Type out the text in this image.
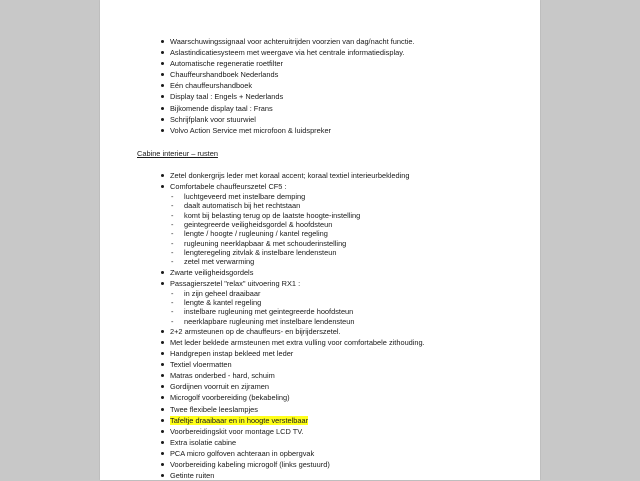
Waarschuwingssignaal voor achteruitrijden voorzien van dag/nacht functie.
Aslastindicatiesysteem met weergave via het centrale informatiedisplay.
Automatische regeneratie roetfilter
Chauffeurshandboek Nederlands
Eén chauffeurshandboek
Display taal : Engels + Nederlands
Bijkomende display taal : Frans
Schrijfplank voor stuurwiel
Volvo Action Service met microfoon & luidspreker
Cabine interieur – rusten
Zetel donkergrijs leder met koraal accent; koraal textiel interieurbekleding
Comfortabele chauffeurszetel CF5 :
- luchtgeveerd met instelbare demping
- daalt automatisch bij het rechtstaan
- komt bij belasting terug op de laatste hoogte-instelling
- geintegreerde veiligheidsgordel & hoofdsteun
- lengte / hoogte / rugleuning / kantel regeling
- rugleuning neerklapbaar & met schouderinstelling
- lengteregeling zitvlak & instelbare lendensteun
- zetel met verwarming
Zwarte veiligheidsgordels
Passagierszetel "relax" uitvoering RX1 :
- in zijn geheel draaibaar
- lengte & kantel regeling
- instelbare rugleuning met geintegreerde hoofdsteun
- neerklapbare rugleuning met instelbare lendensteun
2+2 armsteunen op de chauffeurs- en bijrijderszetel.
Met leder beklede armsteunen met extra vulling voor comfortabele zithouding.
Handgrepen instap bekleed met leder
Textiel vloermatten
Matras onderbed - hard, schuim
Gordijnen voorruit en zijramen
Microgolf voorbereiding (bekabeling)
Twee flexibele leeslampjes
Tafeltje draaibaar en in hoogte verstelbaar
Voorbereidingskit voor montage LCD TV.
Extra isolatie cabine
PCA micro golfoven achteraan in opbergvak
Voorbereiding kabeling microgolf (links gestuurd)
Getinte ruiten
